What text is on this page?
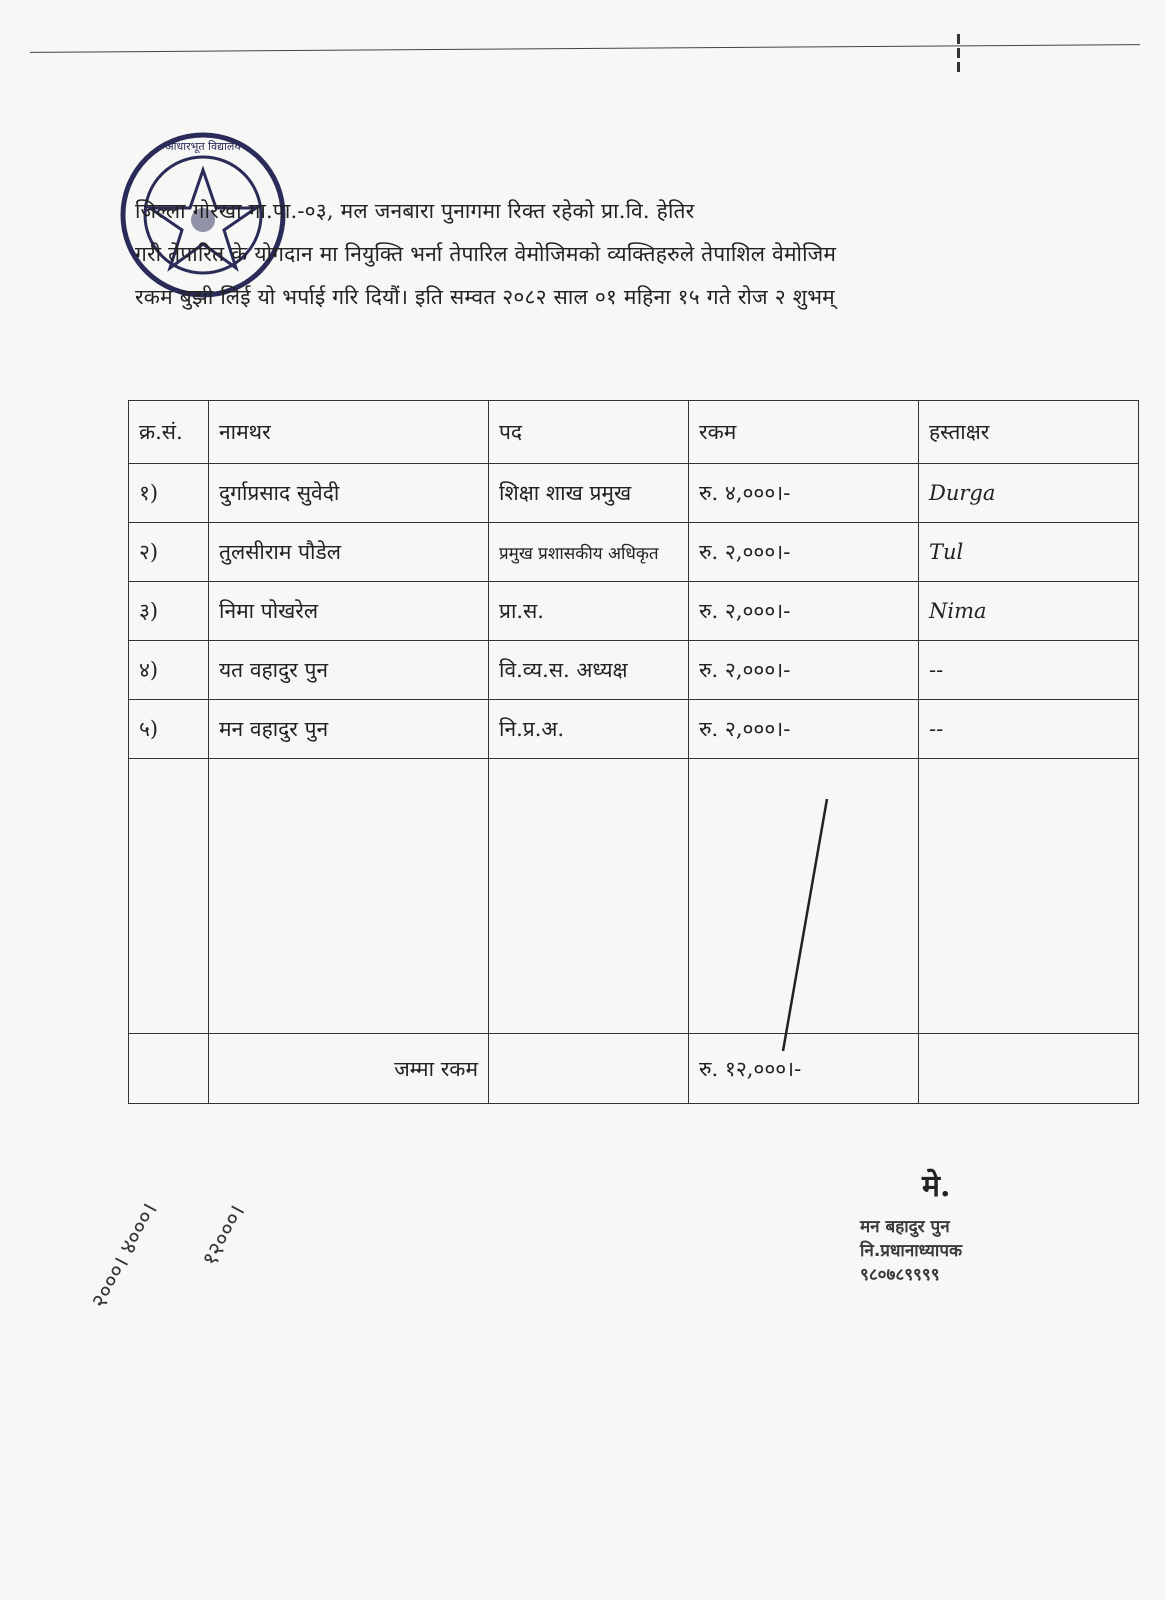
आधारभूत विद्यालय

जिल्ला गोरखा गा.पा.-०३, मल जनबारा पुनागमा रिक्त रहेको प्रा.वि. हेतिर

गरी तेपारित के योगदान मा नियुक्ति भर्ना तेपारिल वेमोजिमको व्यक्तिहरुले तेपाशिल वेमोजिम

रकम बुझी लिई यो भर्पाई गरि दियौं। इति सम्वत २०८२ साल ०१ महिना १५ गते रोज २ शुभम्

क्र.सं.	नामथर	पद	रकम	हस्ताक्षर
१)	दुर्गाप्रसाद सुवेदी	शिक्षा शाख प्रमुख	रु. ४,०००।-	Durga
२)	तुलसीराम पौडेल	प्रमुख प्रशासकीय अधिकृत	रु. २,०००।-	Tul
३)	निमा पोखरेल	प्रा.स.	रु. २,०००।-	Nima
४)	यत वहादुर पुन	वि.व्य.स. अध्यक्ष	रु. २,०००।-	--
५)	मन वहादुर पुन	नि.प्र.अ.	रु. २,०००।-	--

	जम्मा रकम		रु. १२,०००।-	
२०००। ४०००। १२०००।
मे.
मन बहादुर पुन
नि.प्रधानाध्यापक
९८०७८९९९९
